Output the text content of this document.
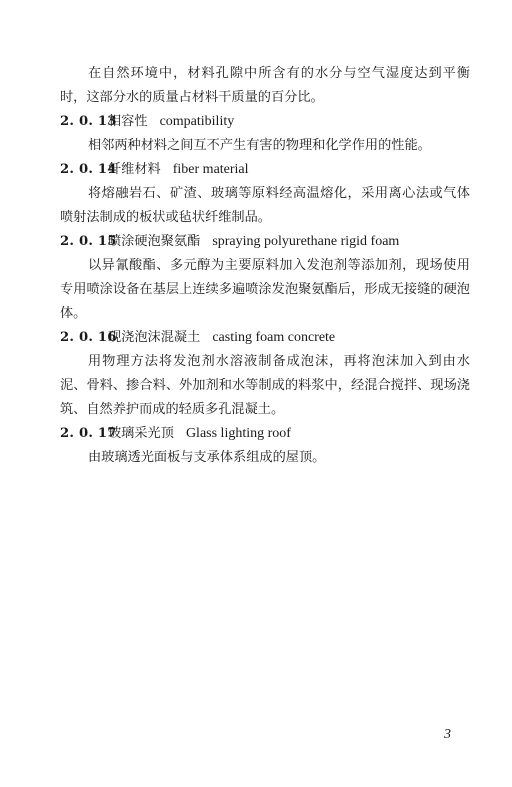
在自然环境中，材料孔隙中所含有的水分与空气湿度达到平衡时，这部分水的质量占材料干质量的百分比。

2. 0. 13相容性 compatibility

相邻两种材料之间互不产生有害的物理和化学作用的性能。

2. 0. 14纤维材料 fiber material

将熔融岩石、矿渣、玻璃等原料经高温熔化，采用离心法或气体喷射法制成的板状或毡状纤维制品。

2. 0. 15喷涂硬泡聚氨酯 spraying polyurethane rigid foam

以异氰酸酯、多元醇为主要原料加入发泡剂等添加剂，现场使用专用喷涂设备在基层上连续多遍喷涂发泡聚氨酯后，形成无接缝的硬泡体。

2. 0. 16现浇泡沫混凝土 casting foam concrete

用物理方法将发泡剂水溶液制备成泡沫，再将泡沫加入到由水泥、骨料、掺合料、外加剂和水等制成的料浆中，经混合搅拌、现场浇筑、自然养护而成的轻质多孔混凝土。

2. 0. 17玻璃采光顶 Glass lighting roof

由玻璃透光面板与支承体系组成的屋顶。

3
